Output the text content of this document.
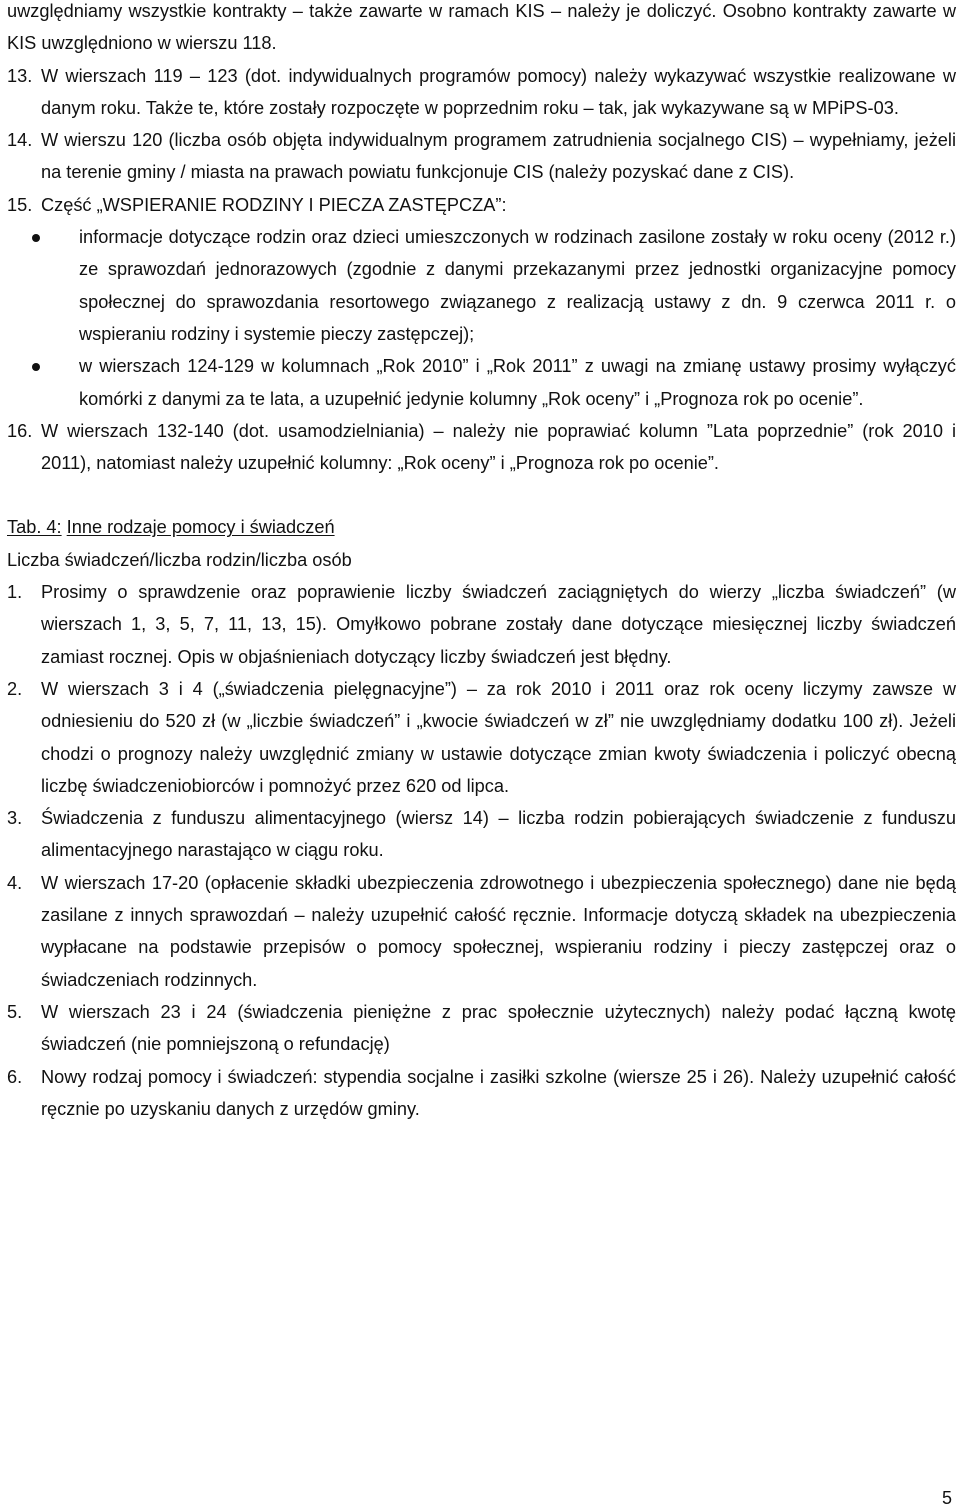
uwzględniamy wszystkie kontrakty – także zawarte w ramach KIS – należy je doliczyć. Osobno kontrakty zawarte w KIS uwzględniono w wierszu 118.

13. W wierszach 119 – 123 (dot. indywidualnych programów pomocy) należy wykazywać wszystkie realizowane w danym roku. Także te, które zostały rozpoczęte w poprzednim roku – tak, jak wykazywane są w MPiPS-03.
14. W wierszu 120 (liczba osób objęta indywidualnym programem zatrudnienia socjalnego CIS) – wypełniamy, jeżeli na terenie gminy / miasta na prawach powiatu funkcjonuje CIS (należy pozyskać dane z CIS).
15. Część „WSPIERANIE RODZINY I PIECZA ZASTĘPCZA”:
informacje dotyczące rodzin oraz dzieci umieszczonych w rodzinach zasilone zostały w roku oceny (2012 r.) ze sprawozdań jednorazowych (zgodnie z danymi przekazanymi przez jednostki organizacyjne pomocy społecznej do sprawozdania resortowego związanego z realizacją ustawy z dn. 9 czerwca 2011 r. o wspieraniu rodziny i systemie pieczy zastępczej);
w wierszach 124-129 w kolumnach „Rok 2010” i „Rok 2011” z uwagi na zmianę ustawy prosimy wyłączyć komórki z danymi za te lata, a uzupełnić jedynie kolumny „Rok oceny” i „Prognoza rok po ocenie”.
16. W wierszach 132-140 (dot. usamodzielniania) – należy nie poprawiać kolumn ”Lata poprzednie” (rok 2010 i 2011), natomiast należy uzupełnić kolumny: „Rok oceny” i „Prognoza rok po ocenie”.

Tab. 4: Inne rodzaje pomocy i świadczeń

Liczba świadczeń/liczba rodzin/liczba osób

1. Prosimy o sprawdzenie oraz poprawienie liczby świadczeń zaciągniętych do wierzy „liczba świadczeń” (w wierszach 1, 3, 5, 7, 11, 13, 15). Omyłkowo pobrane zostały dane dotyczące miesięcznej liczby świadczeń zamiast rocznej. Opis w objaśnieniach dotyczący liczby świadczeń jest błędny.
2. W wierszach 3 i 4 („świadczenia pielęgnacyjne”) – za rok 2010 i 2011 oraz rok oceny liczymy zawsze w odniesieniu do 520 zł (w „liczbie świadczeń” i „kwocie świadczeń w zł” nie uwzględniamy dodatku 100 zł). Jeżeli chodzi o prognozy należy uwzględnić zmiany w ustawie dotyczące zmian kwoty świadczenia i policzyć obecną liczbę świadczeniobiorców i pomnożyć przez 620 od lipca.
3. Świadczenia z funduszu alimentacyjnego (wiersz 14) – liczba rodzin pobierających świadczenie z funduszu alimentacyjnego narastająco w ciągu roku.
4. W wierszach 17-20 (opłacenie składki ubezpieczenia zdrowotnego i ubezpieczenia społecznego) dane nie będą zasilane z innych sprawozdań – należy uzupełnić całość ręcznie. Informacje dotyczą składek na ubezpieczenia wypłacane na podstawie przepisów o pomocy społecznej, wspieraniu rodziny i pieczy zastępczej oraz o świadczeniach rodzinnych.
5. W wierszach 23 i 24 (świadczenia pieniężne z prac społecznie użytecznych) należy podać łączną kwotę świadczeń (nie pomniejszoną o refundację)
6. Nowy rodzaj pomocy i świadczeń: stypendia socjalne i zasiłki szkolne (wiersze 25 i 26). Należy uzupełnić całość ręcznie po uzyskaniu danych z urzędów gminy.
5
